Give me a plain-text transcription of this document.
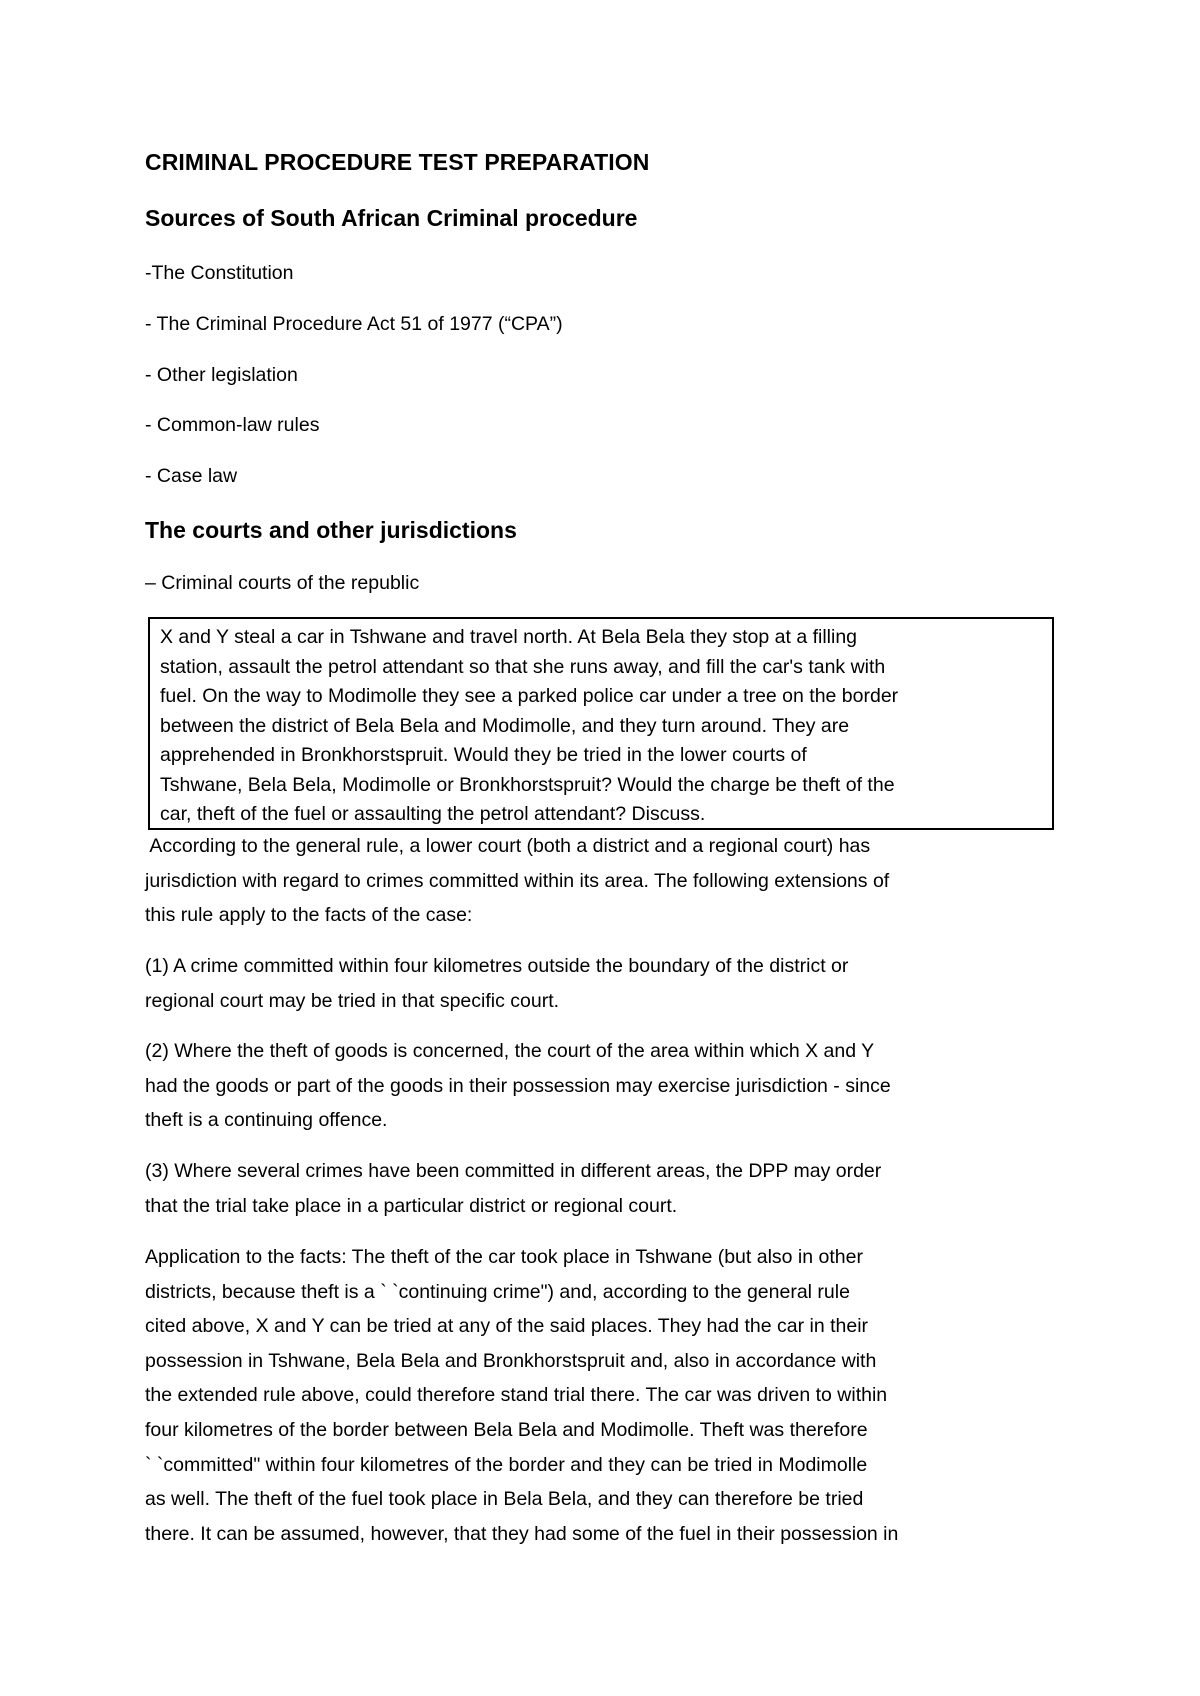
CRIMINAL PROCEDURE TEST PREPARATION
Sources of South African Criminal procedure

-The Constitution

- The Criminal Procedure Act 51 of 1977 (“CPA”)

- Other legislation

- Common-law rules

- Case law

The courts and other jurisdictions

– Criminal courts of the republic

X and Y steal a car in Tshwane and travel north. At Bela Bela they stop at a filling
station, assault the petrol attendant so that she runs away, and fill the car's tank with
fuel. On the way to Modimolle they see a parked police car under a tree on the border
between the district of Bela Bela and Modimolle, and they turn around. They are
apprehended in Bronkhorstspruit. Would they be tried in the lower courts of
Tshwane, Bela Bela, Modimolle or Bronkhorstspruit? Would the charge be theft of the
car, theft of the fuel or assaulting the petrol attendant? Discuss.
According to the general rule, a lower court (both a district and a regional court) has
jurisdiction with regard to crimes committed within its area. The following extensions of
this rule apply to the facts of the case:
(1) A crime committed within four kilometres outside the boundary of the district or
regional court may be tried in that specific court.
(2) Where the theft of goods is concerned, the court of the area within which X and Y
had the goods or part of the goods in their possession may exercise jurisdiction - since
theft is a continuing offence.
(3) Where several crimes have been committed in different areas, the DPP may order
that the trial take place in a particular district or regional court.
Application to the facts: The theft of the car took place in Tshwane (but also in other
districts, because theft is a ` `continuing crime") and, according to the general rule
cited above, X and Y can be tried at any of the said places. They had the car in their
possession in Tshwane, Bela Bela and Bronkhorstspruit and, also in accordance with
the extended rule above, could therefore stand trial there. The car was driven to within
four kilometres of the border between Bela Bela and Modimolle. Theft was therefore
` `committed" within four kilometres of the border and they can be tried in Modimolle
as well. The theft of the fuel took place in Bela Bela, and they can therefore be tried
there. It can be assumed, however, that they had some of the fuel in their possession in
